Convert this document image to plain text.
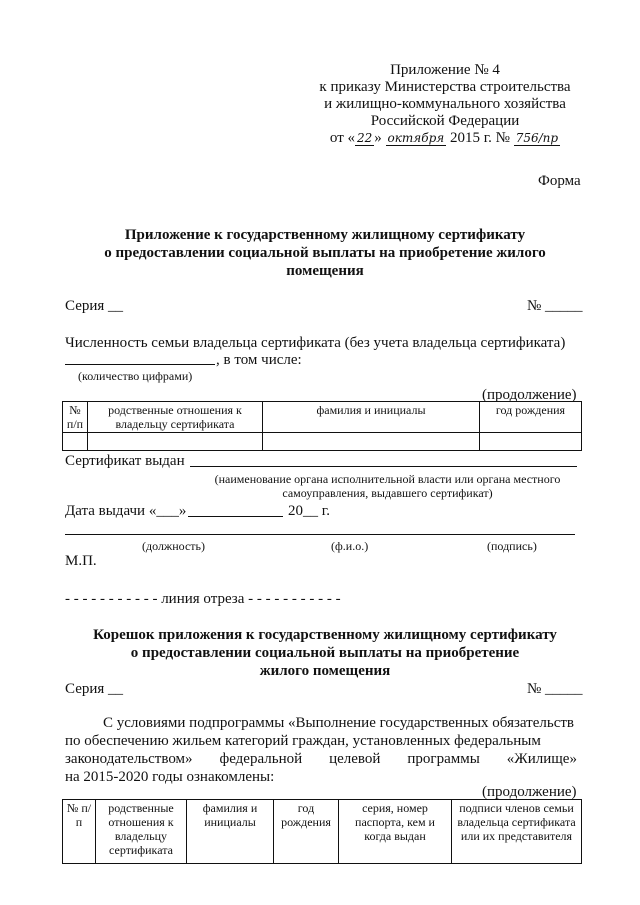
Приложение № 4
к приказу Министерства строительства
и жилищно-коммунального хозяйства
Российской Федерации
от « 22 » октября 2015 г. № 756/пр
Форма
Приложение к государственному жилищному сертификату
о предоставлении социальной выплаты на приобретение жилого
помещения
Серия __	№ _____
Численность семьи владельца сертификата (без учета владельца сертификата)
, в том числе:
(количество цифрами)
(продолжение)
№ п/п	родственные отношения к владельцу сертификата	фамилия и инициалы	год рождения

Сертификат выдан
(наименование органа исполнительной власти или органа местного самоуправления, выдавшего сертификат)
Дата выдачи «___»	20__ г.
(должность)	(ф.и.о.)	(подпись)
М.П.
- - - - - - - - - - - линия отреза - - - - - - - - - - -
Корешок приложения к государственному жилищному сертификату
о предоставлении социальной выплаты на приобретение
жилого помещения
Серия __	№ _____
С условиями подпрограммы «Выполнение государственных обязательств
по обеспечению жильем категорий граждан, установленных федеральным
законодательством» федеральной целевой программы «Жилище»
на 2015-2020 годы ознакомлены:
(продолжение)
№ п/п	родственные отношения к владельцу сертификата	фамилия и инициалы	год рождения	серия, номер паспорта, кем и когда выдан	подписи членов семьи владельца сертификата или их представителя
